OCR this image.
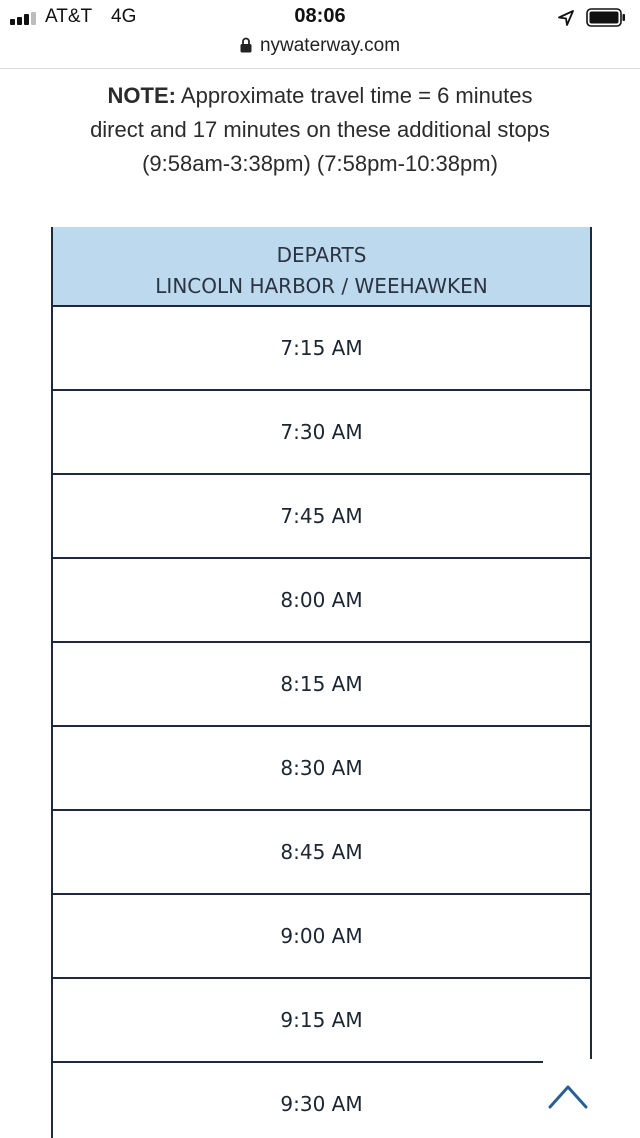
AT&T 4G	08:06
nywaterway.com
NOTE: Approximate travel time = 6 minutes
direct and 17 minutes on these additional stops
(9:58am-3:38pm) (7:58pm-10:38pm)
DEPARTS
LINCOLN HARBOR / WEEHAWKEN
7:15 AM
7:30 AM
7:45 AM
8:00 AM
8:15 AM
8:30 AM
8:45 AM
9:00 AM
9:15 AM
9:30 AM
